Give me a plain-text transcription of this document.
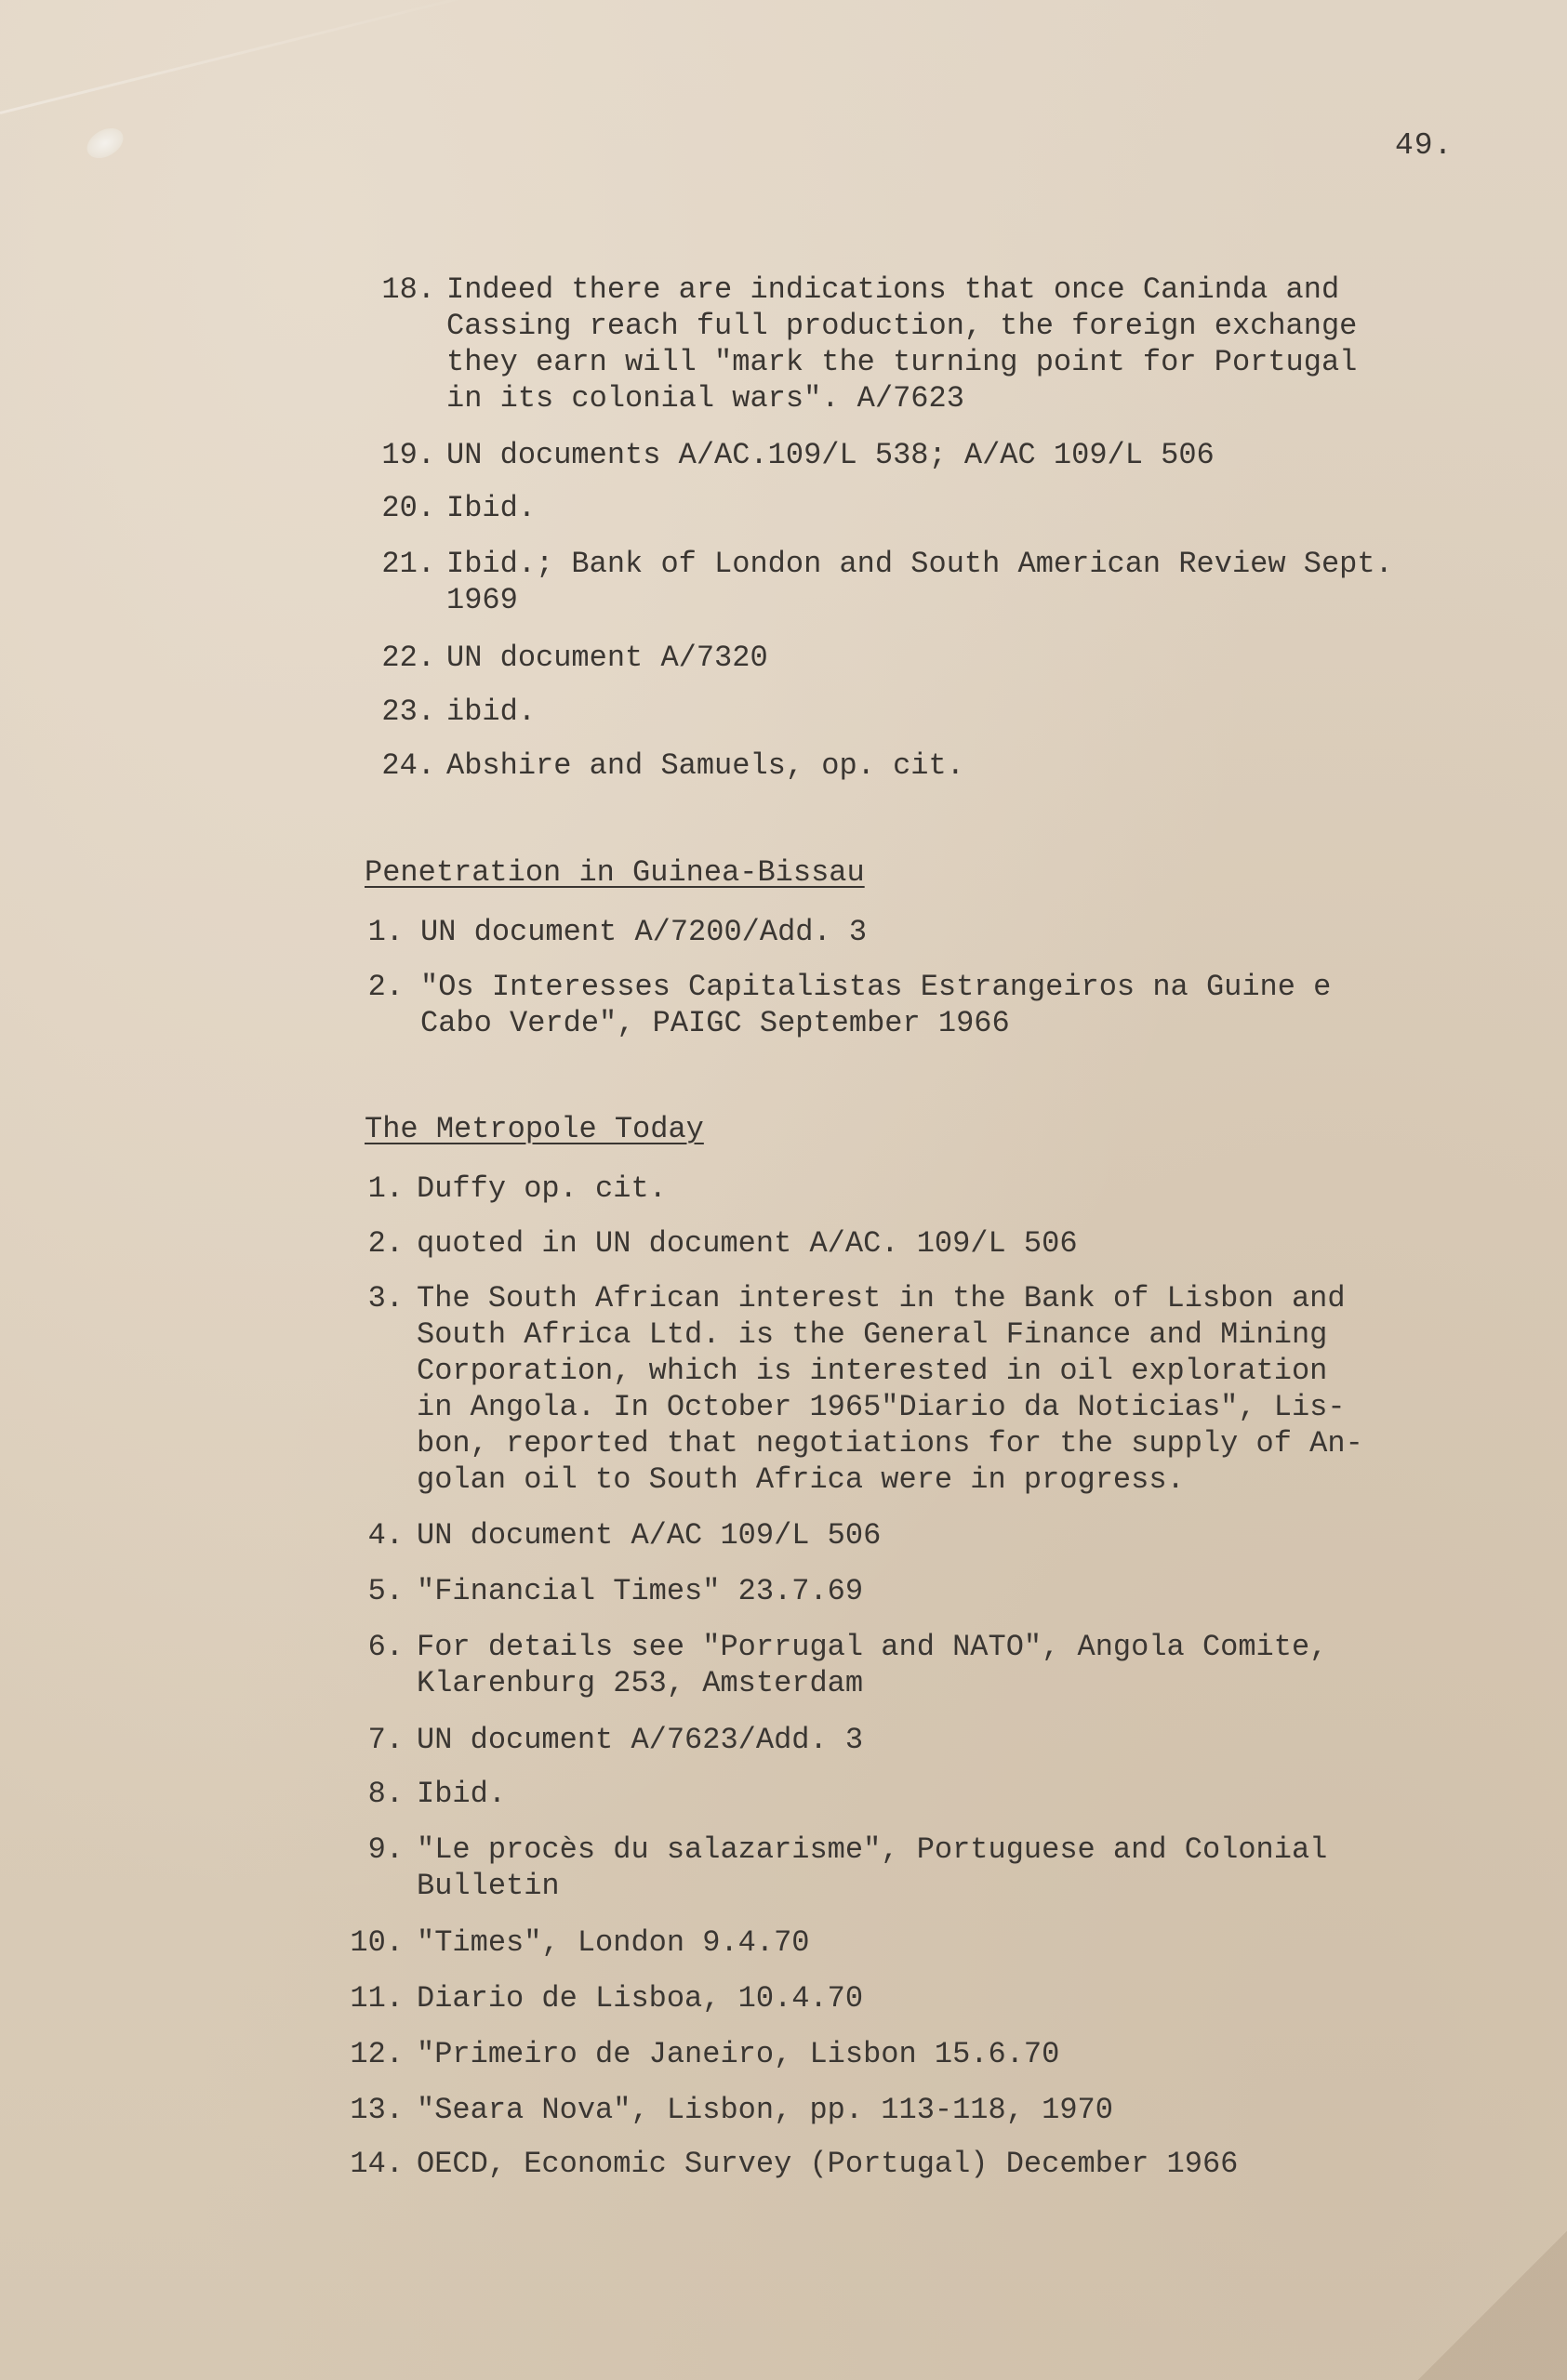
49.
18. Indeed there are indications that once Caninda and
Cassing reach full production, the foreign exchange
they earn will "mark the turning point for Portugal
in its colonial wars". A/7623
19. UN documents A/AC.109/L 538; A/AC 109/L 506
20. Ibid.
21. Ibid.; Bank of London and South American Review Sept.
1969
22. UN document A/7320
23. ibid.
24. Abshire and Samuels, op. cit.
Penetration in Guinea-Bissau
1. UN document A/7200/Add. 3
2. "Os Interesses Capitalistas Estrangeiros na Guine e
Cabo Verde", PAIGC September 1966
The Metropole Today
1. Duffy op. cit.
2. quoted in UN document A/AC. 109/L 506
3. The South African interest in the Bank of Lisbon and
South Africa Ltd. is the General Finance and Mining
Corporation, which is interested in oil exploration
in Angola. In October 1965"Diario da Noticias", Lis-
bon, reported that negotiations for the supply of An-
golan oil to South Africa were in progress.
4. UN document A/AC 109/L 506
5. "Financial Times" 23.7.69
6. For details see "Porrugal and NATO", Angola Comite,
Klarenburg 253, Amsterdam
7. UN document A/7623/Add. 3
8. Ibid.
9. "Le procès du salazarisme", Portuguese and Colonial
Bulletin
10. "Times", London 9.4.70
11. Diario de Lisboa, 10.4.70
12. "Primeiro de Janeiro, Lisbon 15.6.70
13. "Seara Nova", Lisbon, pp. 113-118, 1970
14. OECD, Economic Survey (Portugal) December 1966
